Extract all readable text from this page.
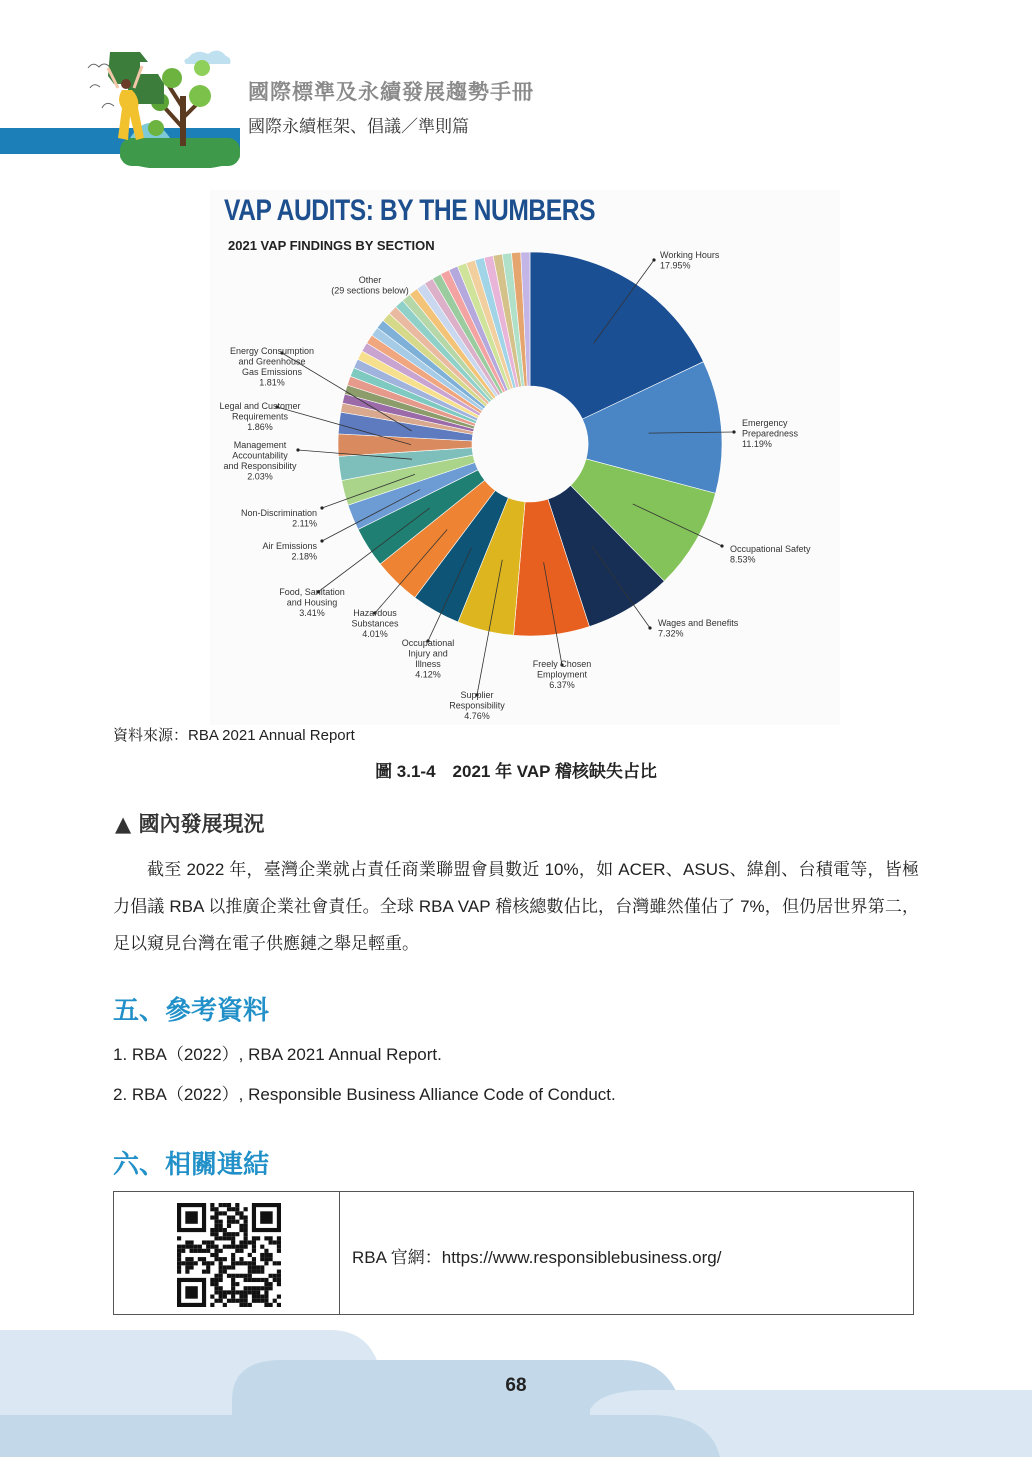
國際標準及永續發展趨勢手冊
國際永續框架、倡議／準則篇
VAP AUDITS: BY THE NUMBERS
2021 VAP FINDINGS BY SECTION
Working Hours 17.95%
Emergency Preparedness 11.19%
Occupational Safety 8.53%
Wages and Benefits 7.32%
Freely Chosen Employment 6.37%
Supplier Responsibility 4.76%
Occupational Injury and Illness 4.12%
Hazardous Substances 4.01%
Food, Sanitation and Housing 3.41%
Air Emissions 2.18%
Non-Discrimination 2.11%
Management Accountability and Responsibility 2.03%
Legal and Customer Requirements 1.86%
Energy Consumption and Greenhouse Gas Emissions 1.81%
Other (29 sections below)
資料來源：RBA 2021 Annual Report
圖 3.1-4　2021 年 VAP 稽核缺失占比
▲ 國內發展現況
截至 2022 年，臺灣企業就占責任商業聯盟會員數近 10%，如 ACER、ASUS、緯創、台積電等，皆極力倡議 RBA 以推廣企業社會責任。全球 RBA VAP 稽核總數佔比，台灣雖然僅佔了 7%，但仍居世界第二，足以窺見台灣在電子供應鏈之舉足輕重。
五、參考資料
1. RBA（2022）, RBA 2021 Annual Report.
2. RBA（2022）, Responsible Business Alliance Code of Conduct.
六、相關連結
RBA 官網：https://www.responsiblebusiness.org/
68
